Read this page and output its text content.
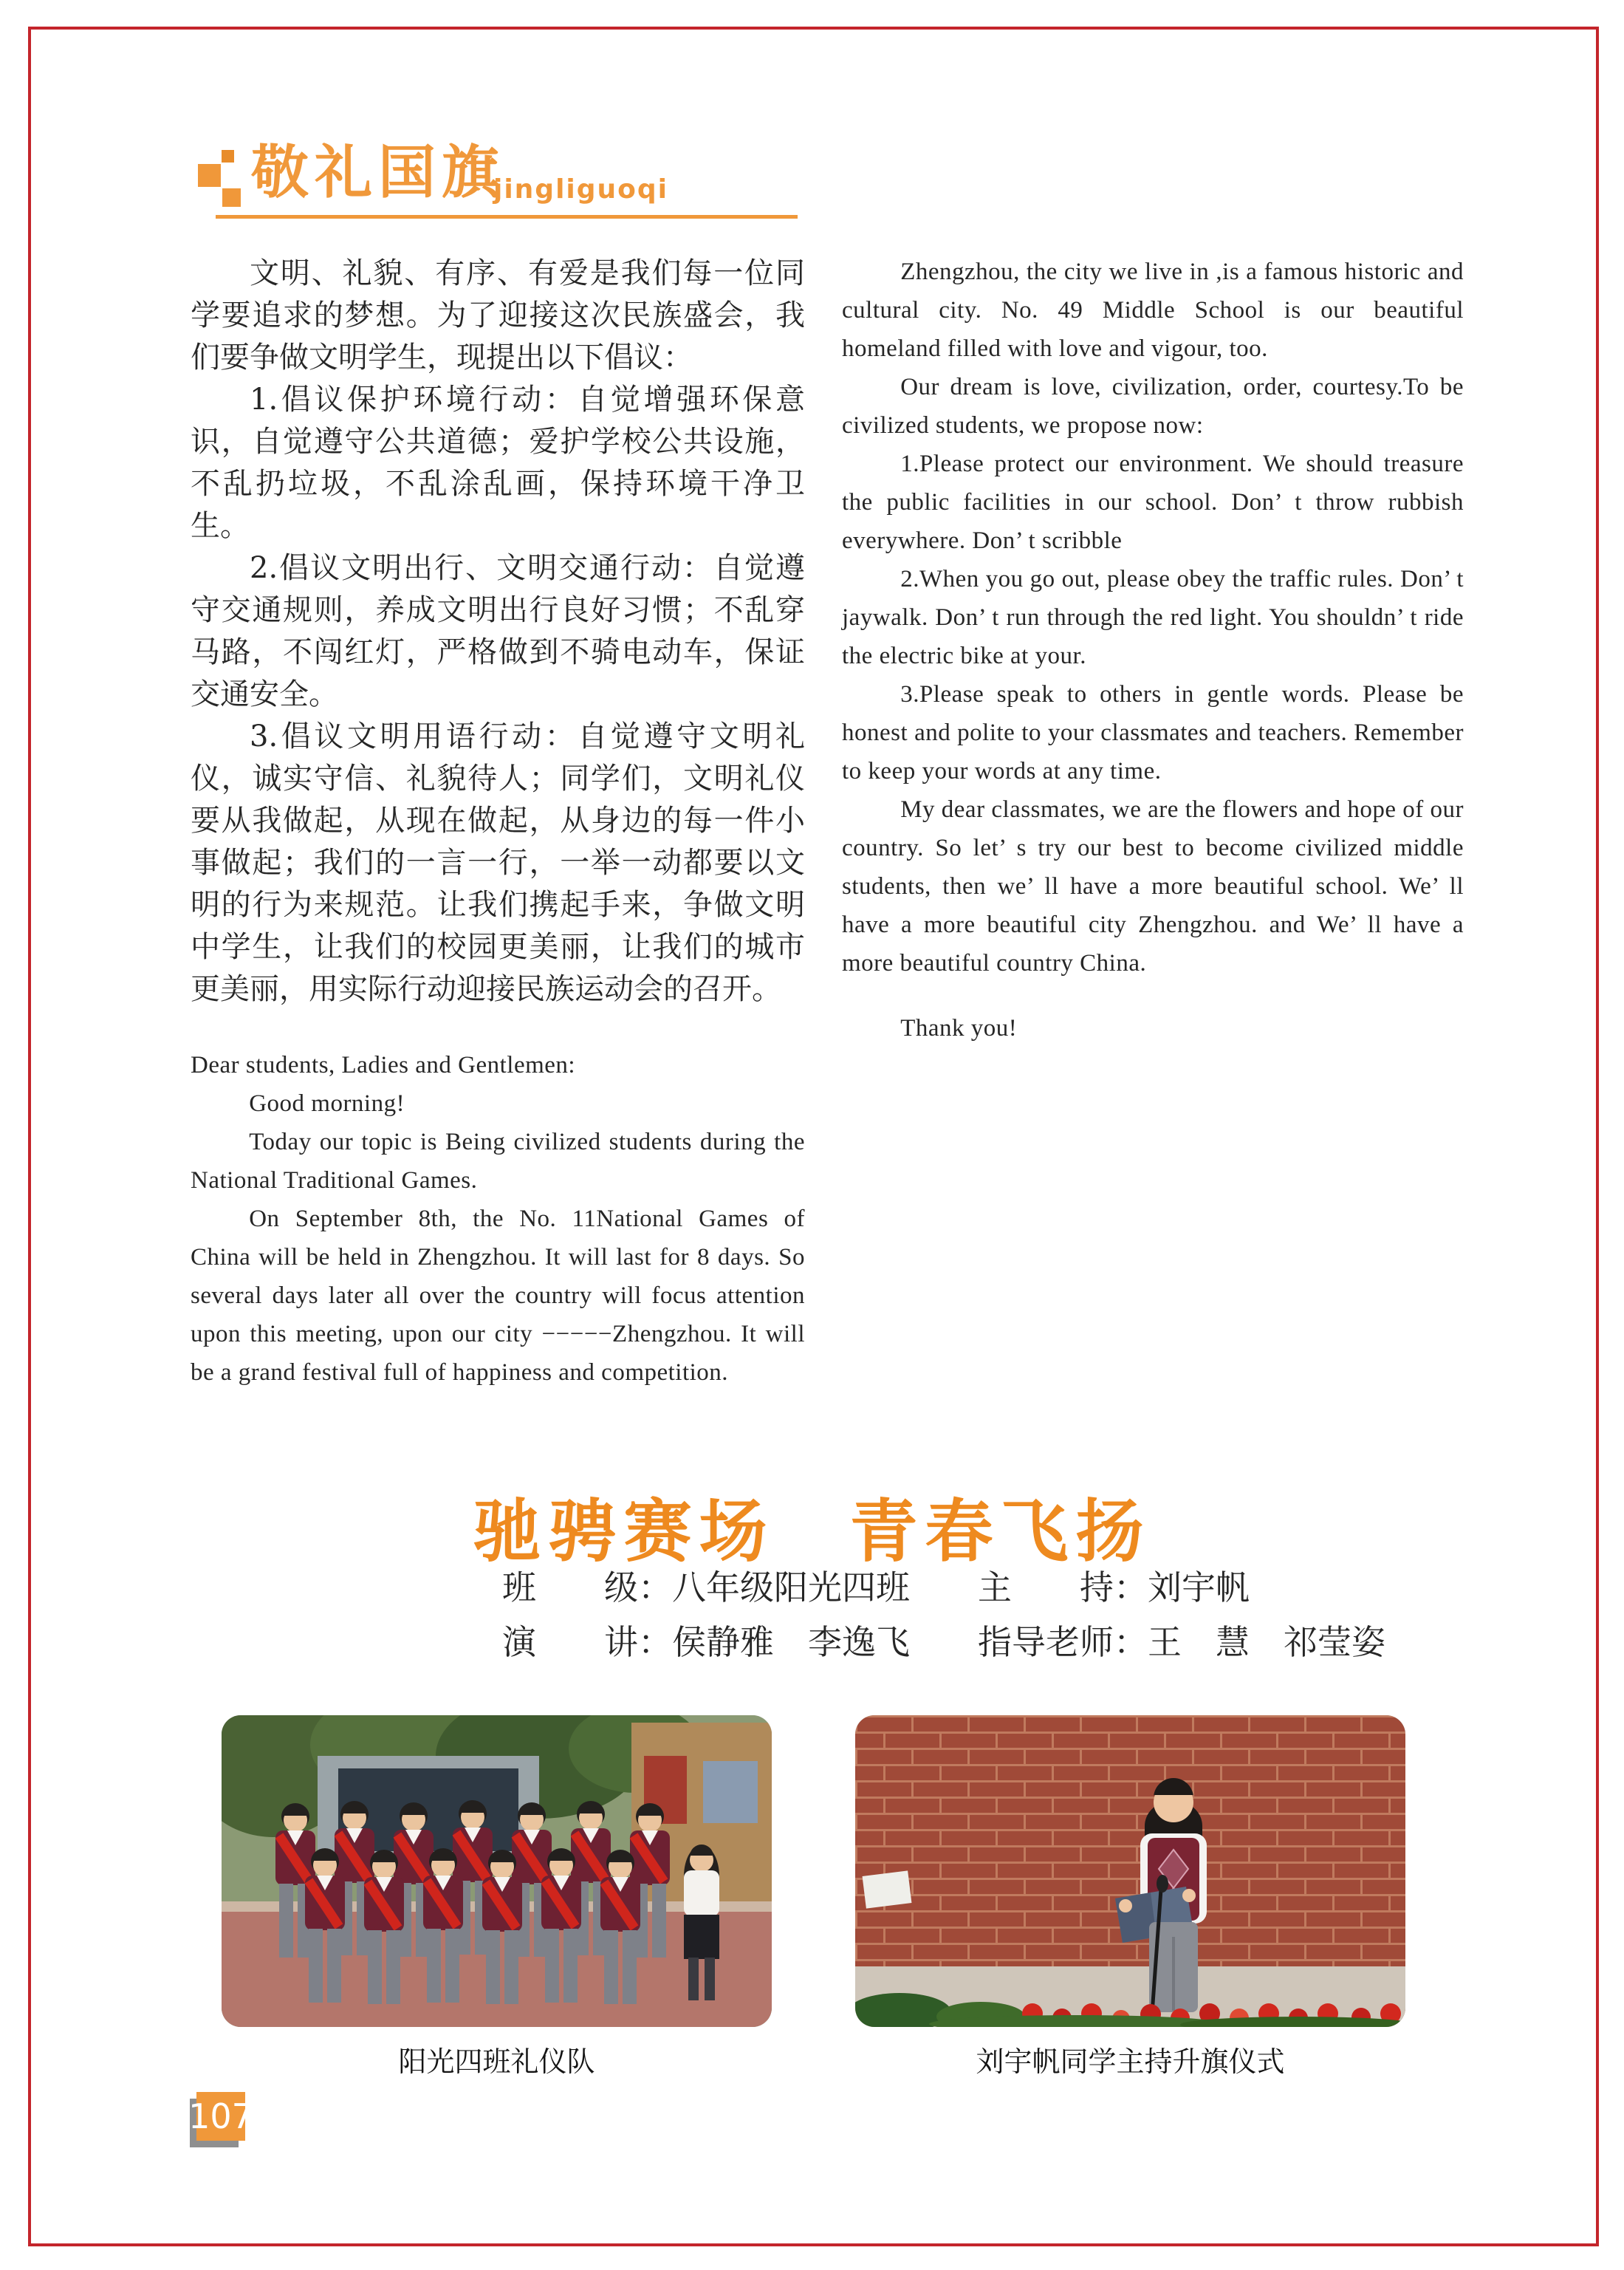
敬礼国旗
jingliguoqi

文明、礼貌、有序、有爱是我们每一位同学要追求的梦想。为了迎接这次民族盛会，我们要争做文明学生，现提出以下倡议：

1.倡议保护环境行动：自觉增强环保意识，自觉遵守公共道德；爱护学校公共设施，不乱扔垃圾，不乱涂乱画，保持环境干净卫生。

2.倡议文明出行、文明交通行动：自觉遵守交通规则，养成文明出行良好习惯；不乱穿马路，不闯红灯，严格做到不骑电动车，保证交通安全。

3.倡议文明用语行动：自觉遵守文明礼仪，诚实守信、礼貌待人；同学们，文明礼仪要从我做起，从现在做起，从身边的每一件小事做起；我们的一言一行，一举一动都要以文明的行为来规范。让我们携起手来，争做文明中学生，让我们的校园更美丽，让我们的城市更美丽，用实际行动迎接民族运动会的召开。

Dear students, Ladies and Gentlemen:

Good morning!

Today our topic is Being civilized students during the National Traditional Games.

On September 8th, the No. 11National Games of China will be held in Zhengzhou. It will last for 8 days. So several days later all over the country will focus attention upon this meeting, upon our city −−−−−Zhengzhou. It will be a grand festival full of happiness and competition.

Zhengzhou, the city we live in ,is a famous historic and cultural city. No. 49 Middle School is our beautiful homeland filled with love and vigour, too.

Our dream is love, civilization, order, courtesy.To be civilized students, we propose now:

1.Please protect our environment. We should treasure the public facilities in our school. Don’ t throw rubbish everywhere. Don’ t scribble

2.When you go out, please obey the traffic rules. Don’ t jaywalk. Don’ t run through the red light. You shouldn’ t ride the electric bike at your.

3.Please speak to others in gentle words. Please be honest and polite to your classmates and teachers. Remember to keep your words at any time.

My dear classmates, we are the flowers and hope of our country. So let’ s try our best to become civilized middle students, then we’ ll have a more beautiful school. We’ ll have a more beautiful city Zhengzhou. and We’ ll have a more beautiful country China.

Thank you!

驰骋赛场　青春飞扬
班　　级：八年级阳光四班　　主　　持：刘宇帆
演　　讲：侯静雅　李逸飞　　指导老师：王　慧　祁莹姿
阳光四班礼仪队	刘宇帆同学主持升旗仪式
107
